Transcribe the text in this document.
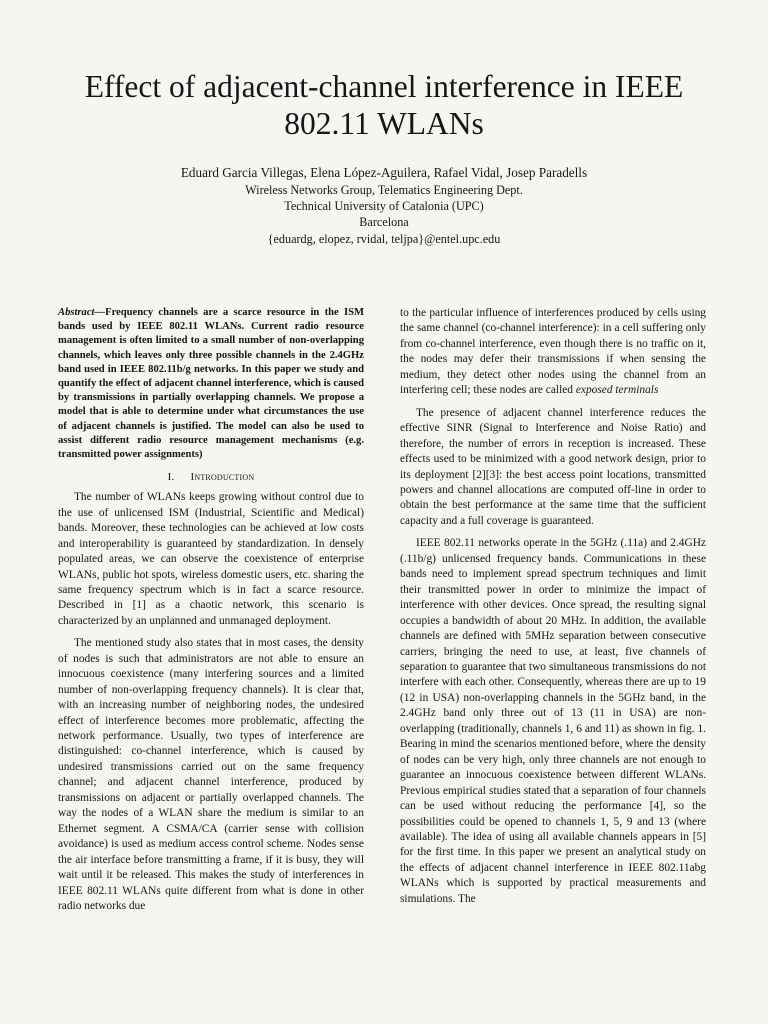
Effect of adjacent-channel interference in IEEE
802.11 WLANs
Eduard Garcia Villegas, Elena López-Aguilera, Rafael Vidal, Josep Paradells
Wireless Networks Group, Telematics Engineering Dept.
Technical University of Catalonia (UPC)
Barcelona
{eduardg, elopez, rvidal, teljpa}@entel.upc.edu

Abstract—Frequency channels are a scarce resource in the ISM bands used by IEEE 802.11 WLANs. Current radio resource management is often limited to a small number of non-overlapping channels, which leaves only three possible channels in the 2.4GHz band used in IEEE 802.11b/g networks. In this paper we study and quantify the effect of adjacent channel interference, which is caused by transmissions in partially overlapping channels. We propose a model that is able to determine under what circumstances the use of adjacent channels is justified. The model can also be used to assist different radio resource management mechanisms (e.g. transmitted power assignments)

I. Introduction

The number of WLANs keeps growing without control due to the use of unlicensed ISM (Industrial, Scientific and Medical) bands. Moreover, these technologies can be achieved at low costs and interoperability is guaranteed by standardization. In densely populated areas, we can observe the coexistence of enterprise WLANs, public hot spots, wireless domestic users, etc. sharing the same frequency spectrum which is in fact a scarce resource. Described in [1] as a chaotic network, this scenario is characterized by an unplanned and unmanaged deployment.

The mentioned study also states that in most cases, the density of nodes is such that administrators are not able to ensure an innocuous coexistence (many interfering sources and a limited number of non-overlapping frequency channels). It is clear that, with an increasing number of neighboring nodes, the undesired effect of interference becomes more problematic, affecting the network performance. Usually, two types of interference are distinguished: co-channel interference, which is caused by undesired transmissions carried out on the same frequency channel; and adjacent channel interference, produced by transmissions on adjacent or partially overlapped channels. The way the nodes of a WLAN share the medium is similar to an Ethernet segment. A CSMA/CA (carrier sense with collision avoidance) is used as medium access control scheme. Nodes sense the air interface before transmitting a frame, if it is busy, they will wait until it be released. This makes the study of interferences in IEEE 802.11 WLANs quite different from what is done in other radio networks due

to the particular influence of interferences produced by cells using the same channel (co-channel interference): in a cell suffering only from co-channel interference, even though there is no traffic on it, the nodes may defer their transmissions if when sensing the medium, they detect other nodes using the channel from an interfering cell; these nodes are called exposed terminals

The presence of adjacent channel interference reduces the effective SINR (Signal to Interference and Noise Ratio) and therefore, the number of errors in reception is increased. These effects used to be minimized with a good network design, prior to its deployment [2][3]: the best access point locations, transmitted powers and channel allocations are computed off-line in order to obtain the best performance at the same time that the sufficient capacity and a full coverage is guaranteed.

IEEE 802.11 networks operate in the 5GHz (.11a) and 2.4GHz (.11b/g) unlicensed frequency bands. Communications in these bands need to implement spread spectrum techniques and limit their transmitted power in order to minimize the impact of interference with other devices. Once spread, the resulting signal occupies a bandwidth of about 20 MHz. In addition, the available channels are defined with 5MHz separation between consecutive carriers, bringing the need to use, at least, five channels of separation to guarantee that two simultaneous transmissions do not interfere with each other. Consequently, whereas there are up to 19 (12 in USA) non-overlapping channels in the 5GHz band, in the 2.4GHz band only three out of 13 (11 in USA) are non-overlapping (traditionally, channels 1, 6 and 11) as shown in fig. 1. Bearing in mind the scenarios mentioned before, where the density of nodes can be very high, only three channels are not enough to guarantee an innocuous coexistence between different WLANs. Previous empirical studies stated that a separation of four channels can be used without reducing the performance [4], so the possibilities could be opened to channels 1, 5, 9 and 13 (where available). The idea of using all available channels appears in [5] for the first time. In this paper we present an analytical study on the effects of adjacent channel interference in IEEE 802.11abg WLANs which is supported by practical measurements and simulations. The
